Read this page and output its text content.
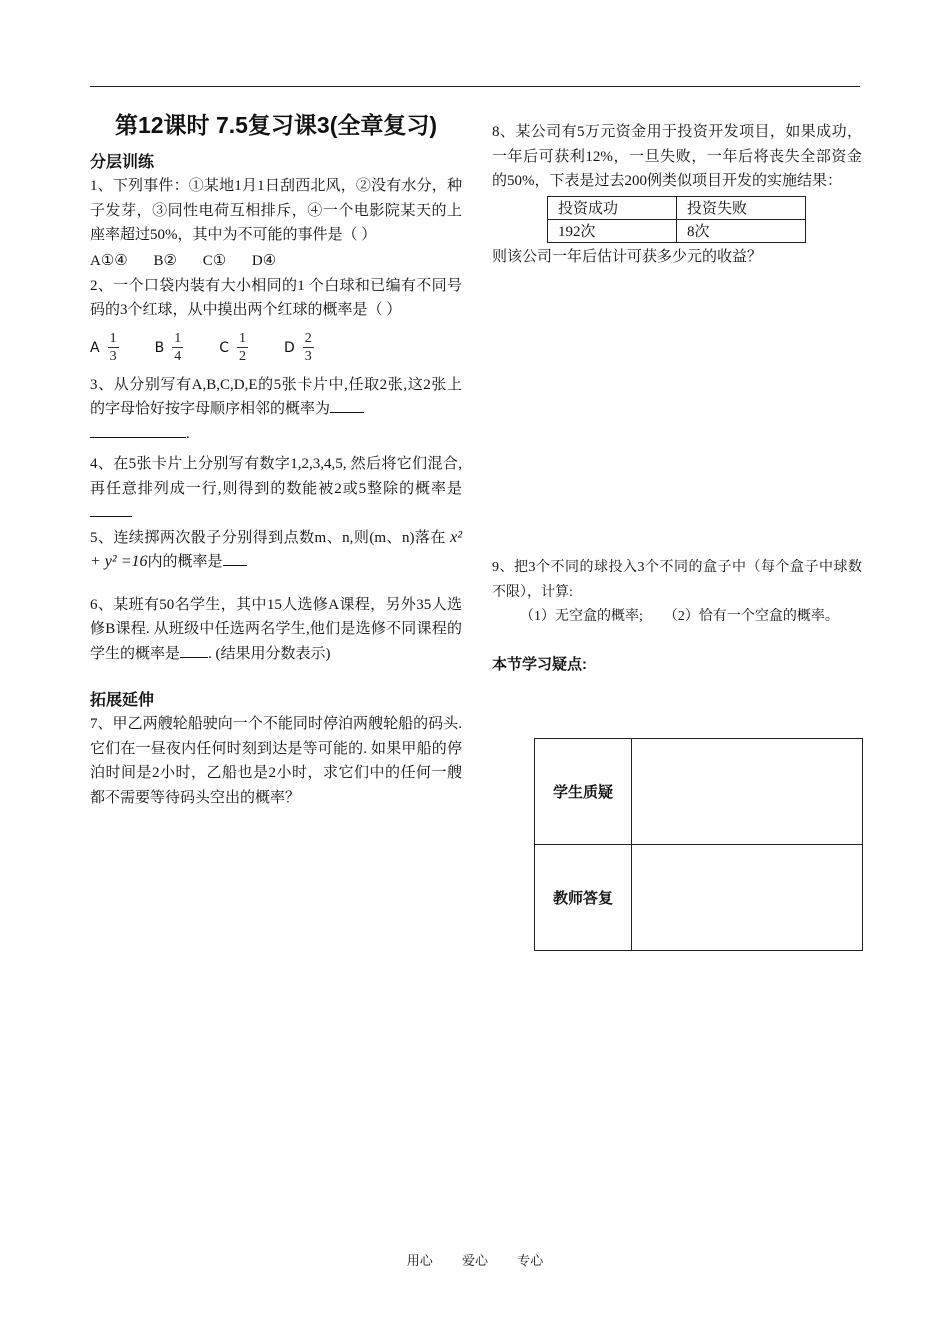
第12课时 7.5复习课3(全章复习)
分层训练

1、下列事件：①某地1月1日刮西北风，②没有水分，种子发芽，③同性电荷互相排斥，④一个电影院某天的上座率超过50%，其中为不可能的事件是（ ）

A①④ B② C① D④

2、一个口袋内装有大小相同的1 个白球和已编有不同号码的3个红球，从中摸出两个红球的概率是（ ）

A $\frac{1}{3}$	B $\frac{1}{4}$	C $\frac{1}{2}$	D $\frac{2}{3}$

3、从分别写有A,B,C,D,E的5张卡片中,任取2张,这2张上的字母恰好按字母顺序相邻的概率为
.

4、在5张卡片上分别写有数字1,2,3,4,5, 然后将它们混合,再任意排列成一行,则得到的数能被2或5整除的概率是

5、连续掷两次骰子分别得到点数m、n,则(m、n)落在 x² + y² =16内的概率是

6、某班有50名学生，其中15人选修A课程，另外35人选修B课程. 从班级中任选两名学生,他们是选修不同课程的学生的概率是 . (结果用分数表示)

拓展延伸

7、甲乙两艘轮船驶向一个不能同时停泊两艘轮船的码头. 它们在一昼夜内任何时刻到达是等可能的. 如果甲船的停泊时间是2小时，乙船也是2小时，求它们中的任何一艘都不需要等待码头空出的概率？

8、某公司有5万元资金用于投资开发项目，如果成功，一年后可获利12%，一旦失败，一年后将丧失全部资金的50%，下表是过去200例类似项目开发的实施结果：

投资成功	投资失败
192次	8次

则该公司一年后估计可获多少元的收益？

9、把3个不同的球投入3个不同的盒子中（每个盒子中球数不限），计算:

（1）无空盒的概率;　　（2）恰有一个空盒的概率。

本节学习疑点:
学生质疑	
教师答复	
用心 爱心 专心
